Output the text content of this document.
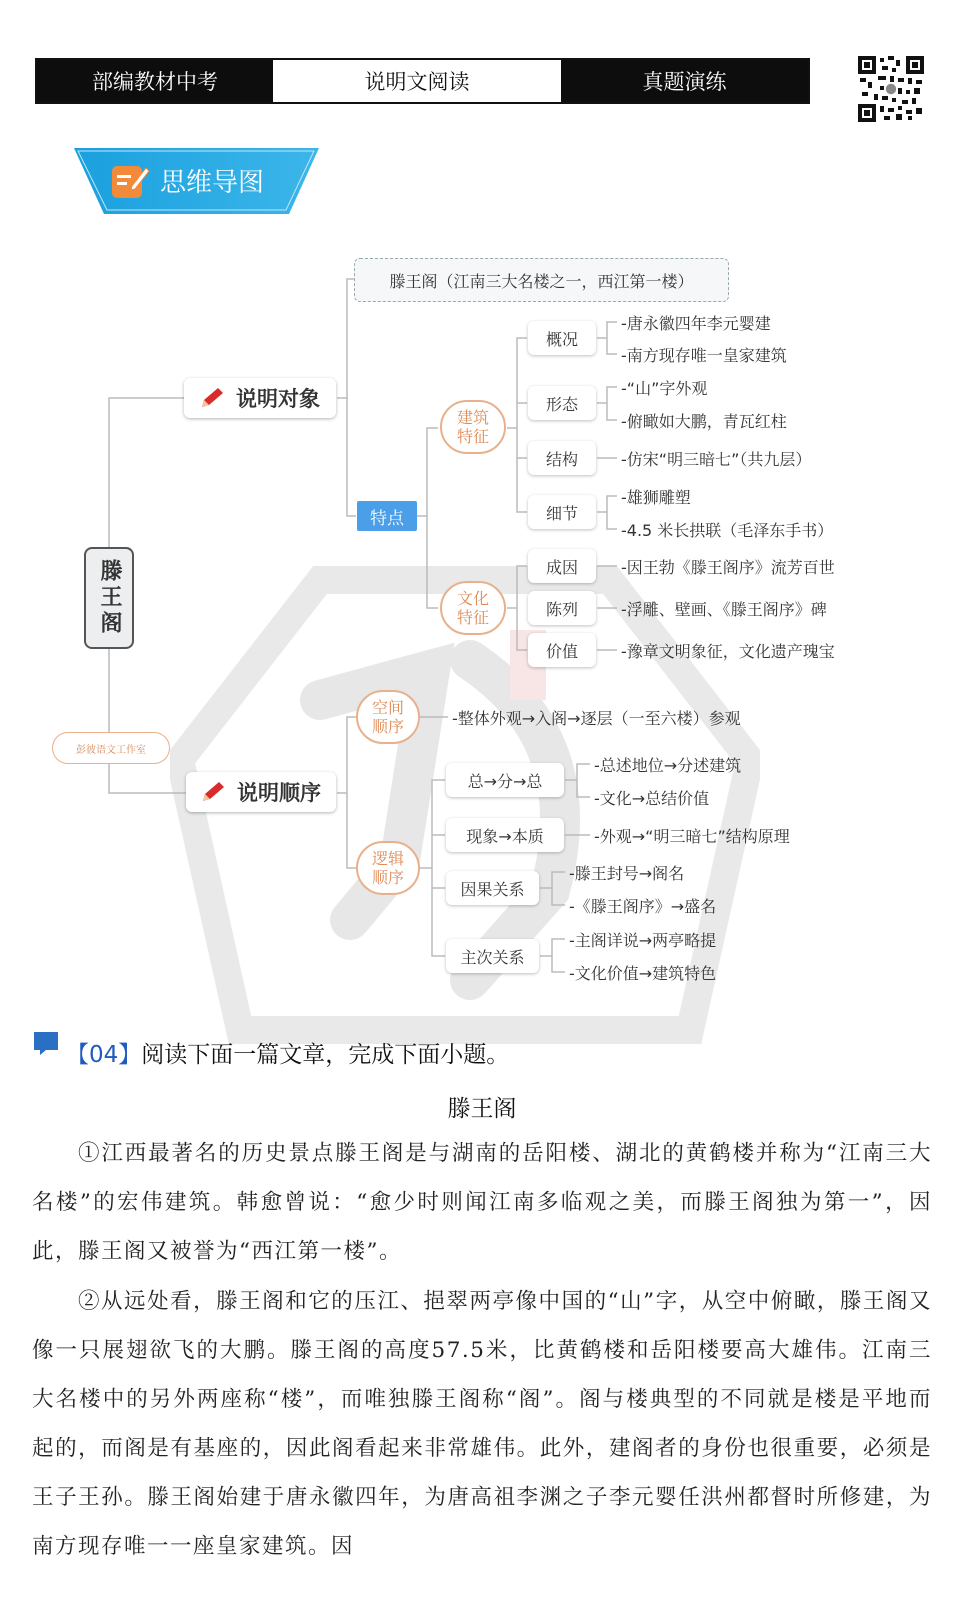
部编教材中考	说明文阅读	真题演练
思维导图
滕王阁
彭彼语文工作室
滕王阁（江南三大名楼之一，西江第一楼）
说明对象
特点
建筑特征
文化特征
概况
形态
结构
细节
-唐永徽四年李元婴建
-南方现存唯一皇家建筑
-“山”字外观
-俯瞰如大鹏，青瓦红柱
-仿宋“明三暗七”（共九层）
-雄狮雕塑
-4.5 米长拱联（毛泽东手书）
成因
陈列
价值
-因王勃《滕王阁序》流芳百世
-浮雕、壁画、《滕王阁序》碑
-豫章文明象征，文化遗产瑰宝
说明顺序
空间顺序	-整体外观→入阁→逐层（一至六楼）参观
逻辑顺序
总→分→总
现象→本质
因果关系
主次关系
-总述地位→分述建筑
-文化→总结价值
-外观→“明三暗七”结构原理
-滕王封号→阁名
-《滕王阁序》→盛名
-主阁详说→两亭略提
-文化价值→建筑特色
【04】阅读下面一篇文章，完成下面小题。
滕王阁
①江西最著名的历史景点滕王阁是与湖南的岳阳楼、湖北的黄鹤楼并称为“江南三大名楼”的宏伟建筑。韩愈曾说：“愈少时则闻江南多临观之美，而滕王阁独为第一”，因此，滕王阁又被誉为“西江第一楼”。
②从远处看，滕王阁和它的压江、挹翠两亭像中国的“山”字，从空中俯瞰，滕王阁又像一只展翅欲飞的大鹏。滕王阁的高度57.5米，比黄鹤楼和岳阳楼要高大雄伟。江南三大名楼中的另外两座称“楼”，而唯独滕王阁称“阁”。阁与楼典型的不同就是楼是平地而起的，而阁是有基座的，因此阁看起来非常雄伟。此外，建阁者的身份也很重要，必须是王子王孙。滕王阁始建于唐永徽四年，为唐高祖李渊之子李元婴任洪州都督时所修建，为南方现存唯一一座皇家建筑。因
